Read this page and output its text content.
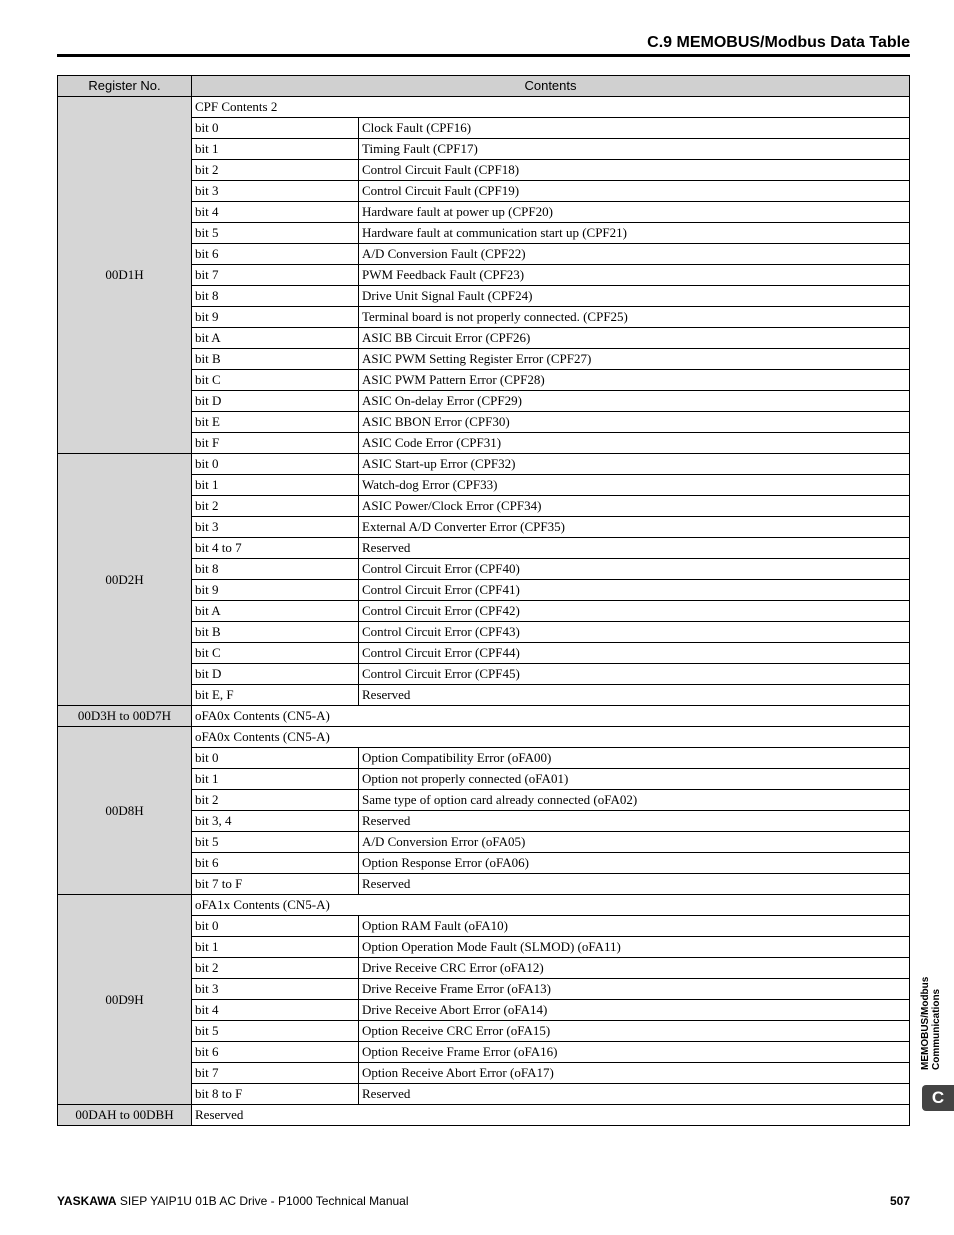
C.9 MEMOBUS/Modbus Data Table
Register No.	Contents	
00D1H	CPF Contents 2	
	bit 0	Clock Fault (CPF16)
	bit 1	Timing Fault (CPF17)
	bit 2	Control Circuit Fault (CPF18)
	bit 3	Control Circuit Fault (CPF19)
	bit 4	Hardware fault at power up (CPF20)
	bit 5	Hardware fault at communication start up (CPF21)
	bit 6	A/D Conversion Fault (CPF22)
	bit 7	PWM Feedback Fault (CPF23)
	bit 8	Drive Unit Signal Fault (CPF24)
	bit 9	Terminal board is not properly connected. (CPF25)
	bit A	ASIC BB Circuit Error (CPF26)
	bit B	ASIC PWM Setting Register Error (CPF27)
	bit C	ASIC PWM Pattern Error (CPF28)
	bit D	ASIC On-delay Error (CPF29)
	bit E	ASIC BBON Error (CPF30)
	bit F	ASIC Code Error (CPF31)
00D2H	bit 0	ASIC Start-up Error (CPF32)
	bit 1	Watch-dog Error (CPF33)
	bit 2	ASIC Power/Clock Error (CPF34)
	bit 3	External A/D Converter Error (CPF35)
	bit 4 to 7	Reserved
	bit 8	Control Circuit Error (CPF40)
	bit 9	Control Circuit Error (CPF41)
	bit A	Control Circuit Error (CPF42)
	bit B	Control Circuit Error (CPF43)
	bit C	Control Circuit Error (CPF44)
	bit D	Control Circuit Error (CPF45)
	bit E, F	Reserved
00D3H to 00D7H	oFA0x Contents (CN5-A)	
00D8H	oFA0x Contents (CN5-A)	
	bit 0	Option Compatibility Error (oFA00)
	bit 1	Option not properly connected (oFA01)
	bit 2	Same type of option card already connected (oFA02)
	bit 3, 4	Reserved
	bit 5	A/D Conversion Error (oFA05)
	bit 6	Option Response Error (oFA06)
	bit 7 to F	Reserved
00D9H	oFA1x Contents (CN5-A)	
	bit 0	Option RAM Fault (oFA10)
	bit 1	Option Operation Mode Fault (SLMOD) (oFA11)
	bit 2	Drive Receive CRC Error (oFA12)
	bit 3	Drive Receive Frame Error (oFA13)
	bit 4	Drive Receive Abort Error (oFA14)
	bit 5	Option Receive CRC Error (oFA15)
	bit 6	Option Receive Frame Error (oFA16)
	bit 7	Option Receive Abort Error (oFA17)
	bit 8 to F	Reserved
00DAH to 00DBH	Reserved	
MEMOBUS/Modbus Communications
C
YASKAWA SIEP YAIP1U 01B AC Drive - P1000 Technical Manual	507
